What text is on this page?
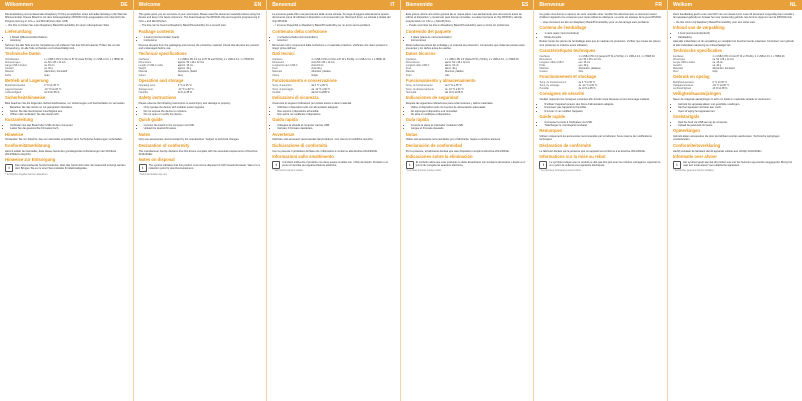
Wilkommen	DE

Die Entwicklung und umfassenden Raspberry Pi Pico ermöglichen einen schnellen Einstieg in die Welt der Mikrocontroller. Dieses Board ist mit dem leistungsstarken RP2040-Chip ausgestattet und unterstützt die Programmierung in C/C++ und MicroPython über USB.

→ Die Kits zu finden Sie unter Raspberry Basic/Prime/Hobby für einen reibungslosen Start.

Lieferumfang
• 1 Board (Mikrocontroller-Platine)
• Anleitung

Nehmen Sie alle Teile aus der Verpackung und entfernen Sie das Schutzmaterial. Prüfen Sie vor der Verwendung, ob alle Teile vorhanden und unbeschädigt sind.

Technische Daten
Schnittstellen	1 x USB-C PD 2.0 (bis zu 87 W sowie 5V/3A), 2 x USB-A 3.0, 1 x HDMI 4K
Abmessungen	ca. 54 x 28 x 12 mm
Länge USB-C-Kabel	ca. 15 cm
Gewicht	ca. 40 g
Material	Aluminium, Kunststoff
Farbe	Grau
Betrieb und Lagerung
Betriebstemperatur	0 °C bis 35 °C
Lagertemperatur	-10 °C bis 60 °C
Luftfeuchtigkeit	10 % bis 85 %
Sicherheitshinweise

Bitte beachten Sie die folgenden Sicherheitshinweise, um Verletzungen und Sachschäden zu vermeiden.

• Betreiben Sie das Gerät nur mit geeigneten Netzteilen.
• Setzen Sie das Gerät keiner Feuchtigkeit aus.
• Öffnen oder verändern Sie das Gerät nicht.
Kurzanleitung
• Verbinden Sie das Board über USB mit dem Computer.
• Laden Sie die gewünschte Firmware hoch.
Hinweise

Verwenden Sie nur Zubehör, das vom Hersteller empfohlen wird. Technische Änderungen vorbehalten.

Konformitätserklärung

Hiermit erklärt der Hersteller, dass dieses Gerät den grundlegenden Anforderungen der Richtlinie 2014/30/EU entspricht.

Hinweise zur Entsorgung
i	Das nebenstehende Symbol bedeutet, dass das Gerät nicht über den Hausmüll entsorgt werden darf. Bringen Sie es zu einer Sammelstelle für Elektroaltgeräte.

* Technische Angaben können abweichen.

Welcome	EN

This guide gives you an overview of your new board. Please read this document carefully before using the device and keep it for future reference. The board features the RP2040 chip and supports programming in C/C++ and MicroPython.

→ The kits can be found at Raspberry Basic/Prime/Hobby for a smooth start.

Package contents
• 1 board (microcontroller board)
• Instructions

Remove all parts from the packaging and remove the protective material. Check that all parts are present and undamaged before use.

Technical specifications
Interfaces	1 x USB-C PD 2.0 (up to 87 W and 5V/3A), 2 x USB-A 3.0, 1 x HDMI 4K
Dimensions	approx. 54 x 28 x 12 mm
Length of USB-C cable	approx. 15 cm
Weight	approx. 40 g
Material	Aluminium, plastic
Colour	Grey
Operation and storage
Operating temp.	0 °C to 35 °C
Storage temp.	-10 °C to 60 °C
Humidity	10 % to 85 %
Safety instructions

Please observe the following instructions to avoid injury and damage to property.

• Only operate the device with suitable power supplies.
• Do not expose the device to moisture.
• Do not open or modify the device.
Quick guide
• Connect the board to the computer via USB.
• Upload the desired firmware.
Notes

Only use accessories recommended by the manufacturer. Subject to technical changes.

Declaration of conformity

The manufacturer hereby declares that this device complies with the essential requirements of Directive 2014/30/EU.

Notes on disposal
i	The symbol indicates that this product must not be disposed of with household waste. Take it to a collection point for electrical equipment.

* Technical details may vary.

Benvenuti	IT

La presente guida offre una panoramica della nuova scheda. Si prega di leggere attentamente questo documento prima di utilizzare il dispositivo e di conservarlo per riferimenti futuri. La scheda è dotata del chip RP2040.

→ I kit sono disponibili su Raspberry Basic/Prime/Hobby per un avvio senza problemi.

Contenuto della confezione
• 1 scheda (scheda microcontrollore)
• Istruzioni

Rimuovere tutti i componenti dalla confezione e il materiale protettivo. Verificare che siano presenti e integri prima dell'uso.

Dati tecnici
Interfacce	1 x USB-C PD 2.0 (fino a 87 W e 5V/3A), 2 x USB-A 3.0, 1 x HDMI 4K
Dimensioni	circa 54 x 28 x 12 mm
Lunghezza cavo USB-C	circa 15 cm
Peso	circa 40 g
Materiale	Alluminio, plastica
Colore	Grigio
Funzionamento e conservazione
Temp. di esercizio	da 0 °C a 35 °C
Temp. di stoccaggio	da -10 °C a 60 °C
Umidità	dal 10 % all'85 %
Indicazioni di sicurezza

Osservare le seguenti indicazioni per evitare lesioni e danni materiali.

• Utilizzare il dispositivo solo con alimentatori adeguati.
• Non esporre il dispositivo all'umidità.
• Non aprire né modificare il dispositivo.
Guida rapida
• Collegare la scheda al computer tramite USB.
• Caricare il firmware desiderato.
Avvertenze

Utilizzare solo accessori raccomandati dal produttore. Con riserva di modifiche tecniche.

Dichiarazione di conformità

Con la presente il produttore dichiara che il dispositivo è conforme alla direttiva 2014/30/UE.

Informazioni sullo smaltimento
i	Il simbolo indica che il prodotto non deve essere smaltito con i rifiuti domestici. Portarlo in un punto di raccolta per apparecchiature elettriche.

* I dati tecnici possono variare.

Bienvenido	ES

Esta guía le ofrece una visión general de su nueva placa. Lea atentamente este documento antes de utilizar el dispositivo y consérvelo para futuras consultas. La placa incorpora el chip RP2040 y admite programación en C/C++ y MicroPython.

→ Puede encontrar los kits en Raspberry Basic/Prime/Hobby para un inicio sin problemas.

Contenido del paquete
• 1 placa (placa de microcontrolador)
• Instrucciones

Retire todas las piezas del embalaje y el material de protección. Compruebe que todas las piezas estén presentes y sin daños antes de usarlas.

Datos técnicos
Interfaces	1 x USB-C PD 2.0 (hasta 87 W y 5V/3A), 2 x USB-A 3.0, 1 x HDMI 4K
Dimensiones	aprox. 54 x 28 x 12 mm
Longitud cable USB-C	aprox. 15 cm
Peso	aprox. 40 g
Material	Aluminio, plástico
Color	Gris
Funcionamiento y almacenamiento
Temp. de funcionamiento	de 0 °C a 35 °C
Temp. de almacenamiento	de -10 °C a 60 °C
Humedad	del 10 % al 85 %
Indicaciones de seguridad

Respete las siguientes indicaciones para evitar lesiones y daños materiales.

• Utilice el dispositivo solo con fuentes de alimentación adecuadas.
• No exponga el dispositivo a la humedad.
• No abra ni modifique el dispositivo.
Guía rápida
• Conecte la placa al ordenador mediante USB.
• Cargue el firmware deseado.
Notas

Utilice solo accesorios recomendados por el fabricante. Sujeto a cambios técnicos.

Declaración de conformidad

Por la presente, el fabricante declara que este dispositivo cumple la Directiva 2014/30/UE.

Indicaciones sobre la eliminación
i	El símbolo indica que este producto no debe desecharse con la basura doméstica. Llévelo a un punto de recogida de aparatos eléctricos.

* Los datos técnicos pueden variar.

Bienvenue	FR

Ce guide vous donne un aperçu de votre nouvelle carte. Veuillez lire attentivement ce document avant d'utiliser l'appareil et le conserver pour toute référence ultérieure. La carte est équipée de la puce RP2040.

→ Vous trouverez les kits sur Raspberry Basic/Prime/Hobby pour un démarrage sans problème.

Contenu de l'emballage
• 1 carte (carte microcontrôleur)
• Mode d'emploi

Retirez toutes les pièces de l'emballage ainsi que le matériau de protection. Vérifiez que toutes les pièces sont présentes et intactes avant utilisation.

Caractéristiques techniques
Interfaces	1 x USB-C PD 2.0 (jusqu'à 87 W et 5V/3A), 2 x USB-A 3.0, 1 x HDMI 4K
Dimensions	env. 54 x 28 x 12 mm
Longueur câble USB-C	env. 15 cm
Poids	env. 40 g
Matériau	Aluminium, plastique
Couleur	Gris
Fonctionnement et stockage
Temp. de fonctionnement	de 0 °C à 35 °C
Temp. de stockage	de -10 °C à 60 °C
Humidité	de 10 % à 85 %
Consignes de sécurité

Veuillez respecter les consignes suivantes afin d'éviter toute blessure et tout dommage matériel.

• N'utilisez l'appareil qu'avec des blocs d'alimentation adaptés.
• N'exposez pas l'appareil à l'humidité.
• N'ouvrez ni ne modifiez l'appareil.
Guide rapide
• Connectez la carte à l'ordinateur via USB.
• Téléchargez le micrologiciel souhaité.
Remarques

Utilisez uniquement les accessoires recommandés par le fabricant. Sous réserve de modifications techniques.

Déclaration de conformité

Le fabricant déclare par la présente que cet appareil est conforme à la directive 2014/30/UE.

Informations sur la mise au rebut
i	Le symbole indique que ce produit ne doit pas être jeté avec les ordures ménagères. Apportez-le à un point de collecte pour appareils électriques.

* Les données techniques peuvent varier.

Welkom	NL

Deze handleiding geeft u een overzicht van uw nieuwe bord. Lees dit document zorgvuldig door voordat u het apparaat gebruikt en bewaar het voor toekomstig gebruik. Het bord is uitgerust met de RP2040-chip.

→ De kits vindt u bij Raspberry Basic/Prime/Hobby voor een vlotte start.

Inhoud van de verpakking
• 1 bord (microcontrollerbord)
• Handleiding

Haal alle onderdelen uit de verpakking en verwijder het beschermende materiaal. Controleer voor gebruik of alle onderdelen aanwezig en onbeschadigd zijn.

Technische specificaties
Interfaces	1 x USB-C PD 2.0 (tot 87 W en 5V/3A), 2 x USB-A 3.0, 1 x HDMI 4K
Afmetingen	ca. 54 x 28 x 12 mm
Lengte USB-C-kabel	ca. 15 cm
Gewicht	ca. 40 g
Materiaal	Aluminium, kunststof
Kleur	Grijs
Gebruik en opslag
Bedrijfstemperatuur	0 °C tot 35 °C
Opslagtemperatuur	-10 °C tot 60 °C
Luchtvochtigheid	10 % tot 85 %
Veiligheidsaanwijzingen

Neem de volgende aanwijzingen in acht om letsel en materiële schade te voorkomen.

• Gebruik het apparaat alleen met geschikte voedingen.
• Stel het apparaat niet bloot aan vocht.
• Open of wijzig het apparaat niet.
Snelstartgids
• Sluit het bord via USB aan op de computer.
• Upload de gewenste firmware.
Opmerkingen

Gebruik alleen accessoires die door de fabrikant worden aanbevolen. Technische wijzigingen voorbehouden.

Conformiteitsverklaring

Hierbij verklaart de fabrikant dat dit apparaat voldoet aan richtlijn 2014/30/EU.

Informatie over afvoer
i	Het symbool geeft aan dat dit product niet met het huisvuil mag worden weggegooid. Breng het naar een inzamelpunt voor elektrische apparaten.

* Technische gegevens kunnen afwijken.
